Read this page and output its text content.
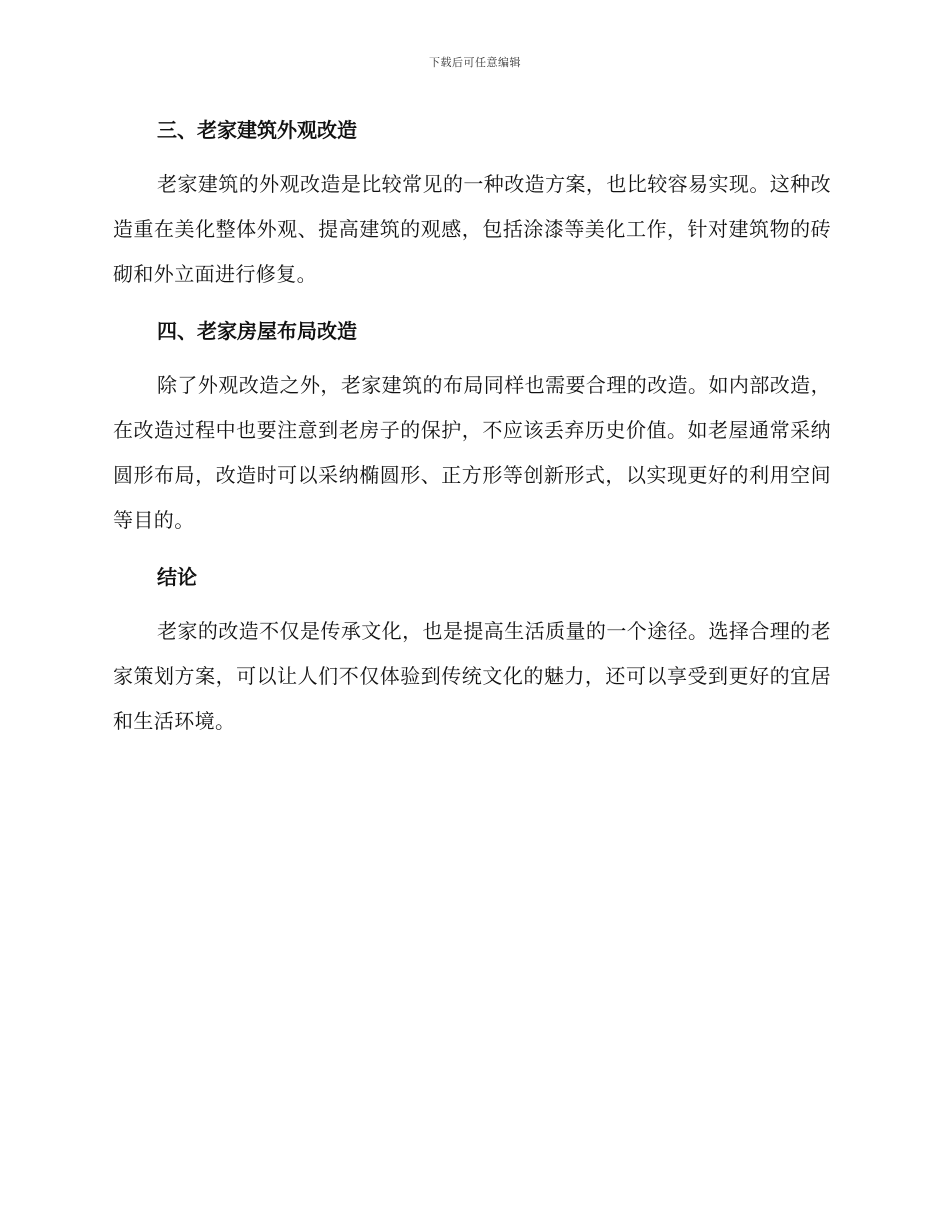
下载后可任意编辑
三、老家建筑外观改造

老家建筑的外观改造是比较常见的一种改造方案，也比较容易实现。这种改造重在美化整体外观、提高建筑的观感，包括涂漆等美化工作，针对建筑物的砖砌和外立面进行修复。

四、老家房屋布局改造

除了外观改造之外，老家建筑的布局同样也需要合理的改造。如内部改造，在改造过程中也要注意到老房子的保护，不应该丢弃历史价值。如老屋通常采纳圆形布局，改造时可以采纳椭圆形、正方形等创新形式，以实现更好的利用空间等目的。

结论

老家的改造不仅是传承文化，也是提高生活质量的一个途径。选择合理的老家策划方案，可以让人们不仅体验到传统文化的魅力，还可以享受到更好的宜居和生活环境。
